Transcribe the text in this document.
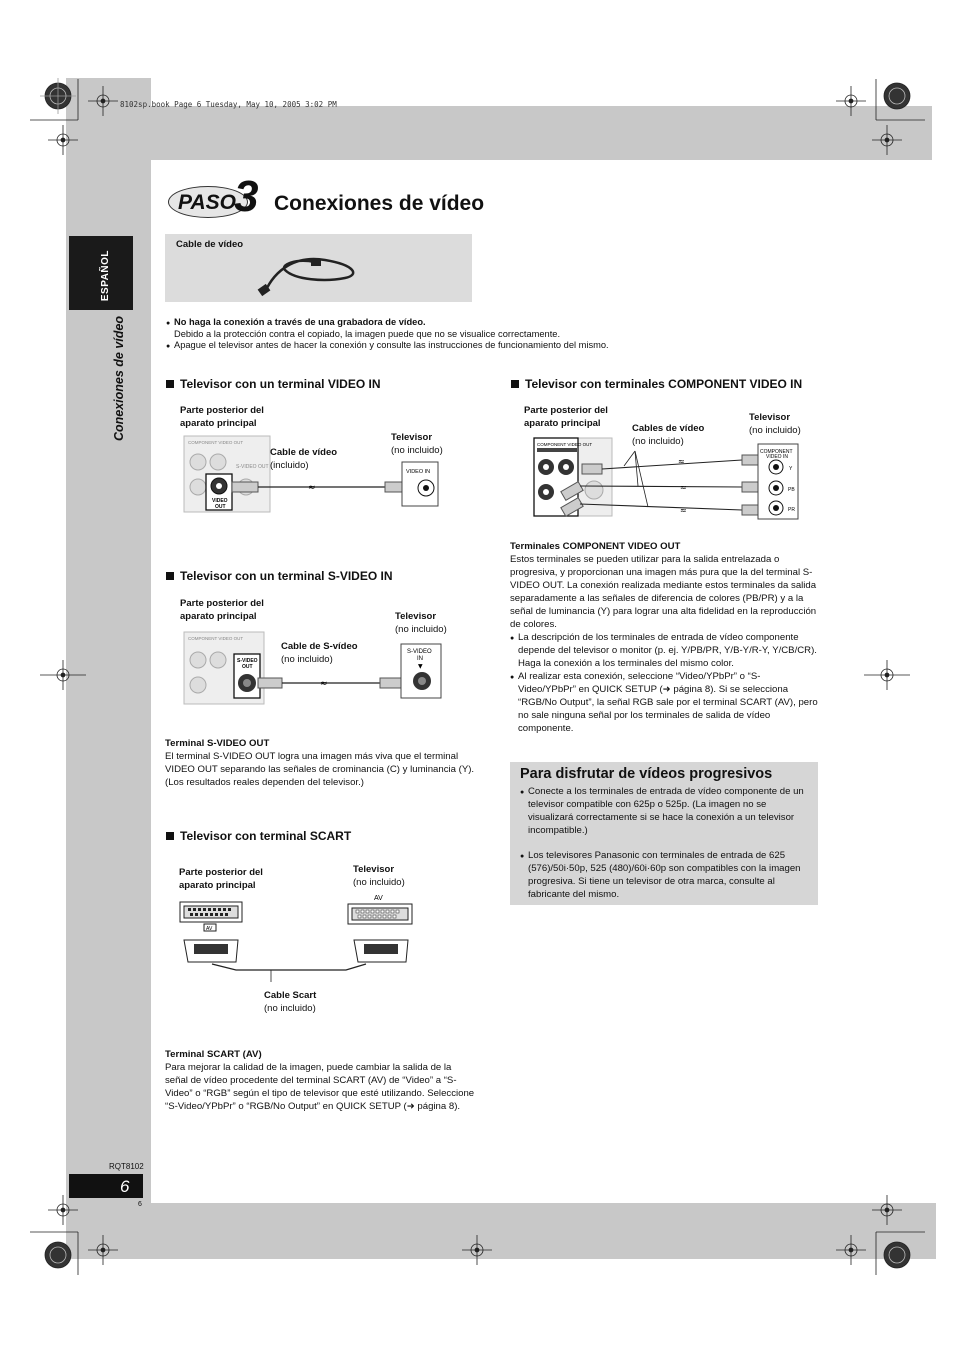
8102sp.book Page 6 Tuesday, May 10, 2005 3:02 PM
ESPAÑOL
Conexiones de vídeo
PASO
3 Conexiones de vídeo
Cable de vídeo
● No haga la conexión a través de una grabadora de vídeo.
Debido a la protección contra el copiado, la imagen puede que no se visualice correctamente.
● Apague el televisor antes de hacer la conexión y consulte las instrucciones de funcionamiento del mismo.
Televisor con un terminal VIDEO IN
Parte posterior del
aparato principal
Cable de vídeo
(incluido)
Televisor
(no incluido)
COMPONENT VIDEO OUT
VIDEO
OUT
S-VIDEO OUT
≈
VIDEO IN
Televisor con un terminal S-VIDEO IN
Parte posterior del
aparato principal
Cable de S-vídeo
(no incluido)
Televisor
(no incluido)
COMPONENT VIDEO OUT
S-VIDEO
OUT
≈
S-VIDEO
IN
▼
Terminal S-VIDEO OUT
El terminal S-VIDEO OUT logra una imagen más viva que el terminal VIDEO OUT separando las señales de crominancia (C) y luminancia (Y). (Los resultados reales dependen del televisor.)
Televisor con terminal SCART
Parte posterior del
aparato principal
Televisor
(no incluido)
AV
AV
Cable Scart
(no incluido)
Terminal SCART (AV)
Para mejorar la calidad de la imagen, puede cambiar la salida de la señal de vídeo procedente del terminal SCART (AV) de “Video” a “S-Video” o “RGB” según el tipo de televisor que esté utilizando. Seleccione “S-Video/YPbPr” o “RGB/No Output” en QUICK SETUP (➜ página 8).
Televisor con terminales COMPONENT VIDEO IN
Parte posterior del
aparato principal	Cables de vídeo
(no incluido)
Televisor
(no incluido)
COMPONENT VIDEO OUT
≈
≈
≈
COMPONENT
VIDEO IN
Y
PB
PR
Terminales COMPONENT VIDEO OUT
Estos terminales se pueden utilizar para la salida entrelazada o progresiva, y proporcionan una imagen más pura que la del terminal S-VIDEO OUT. La conexión realizada mediante estos terminales da salida separadamente a las señales de diferencia de colores (PB/PR) y a la señal de luminancia (Y) para lograr una alta fidelidad en la reproducción de colores.
● La descripción de los terminales de entrada de vídeo componente depende del televisor o monitor (p. ej. Y/PB/PR, Y/B-Y/R-Y, Y/CB/CR). Haga la conexión a los terminales del mismo color.
● Al realizar esta conexión, seleccione “Video/YPbPr” o “S-Video/YPbPr” en QUICK SETUP (➜ página 8). Si se selecciona “RGB/No Output”, la señal RGB sale por el terminal SCART (AV), pero no sale ninguna señal por los terminales de salida de vídeo componente.
Para disfrutar de vídeos progresivos
● Conecte a los terminales de entrada de vídeo componente de un televisor compatible con 625p o 525p. (La imagen no se visualizará correctamente si se hace la conexión a un televisor incompatible.)
● Los televisores Panasonic con terminales de entrada de 625 (576)/50i·50p, 525 (480)/60i·60p son compatibles con la imagen progresiva. Si tiene un televisor de otra marca, consulte al fabricante del mismo.
RQT8102
6
6
